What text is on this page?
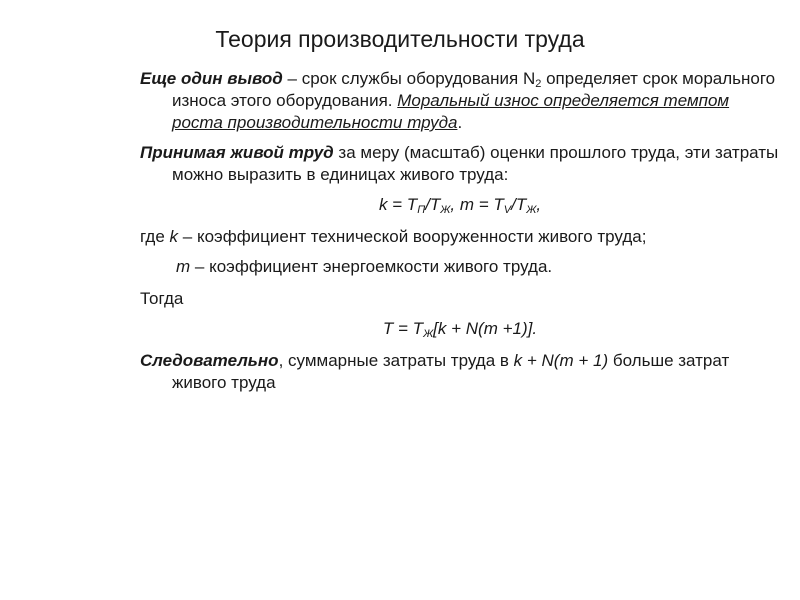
Теория производительности труда
Еще один вывод – срок службы оборудования $N_2$ определяет срок морального износа этого оборудования. Моральный износ определяется темпом роста производительности труда.
Принимая живой труд за меру (масштаб) оценки прошлого труда, эти затраты можно выразить в единицах живого труда:
$k = T_П/T_Ж$, $m = T_V/T_Ж$,
где k – коэффициент технической вооруженности живого труда;
m – коэффициент энергоемкости живого труда.
Тогда
$T = T_Ж[k + N(m +1)]$.
Следовательно, суммарные затраты труда в k + N(m + 1) больше затрат живого труда
